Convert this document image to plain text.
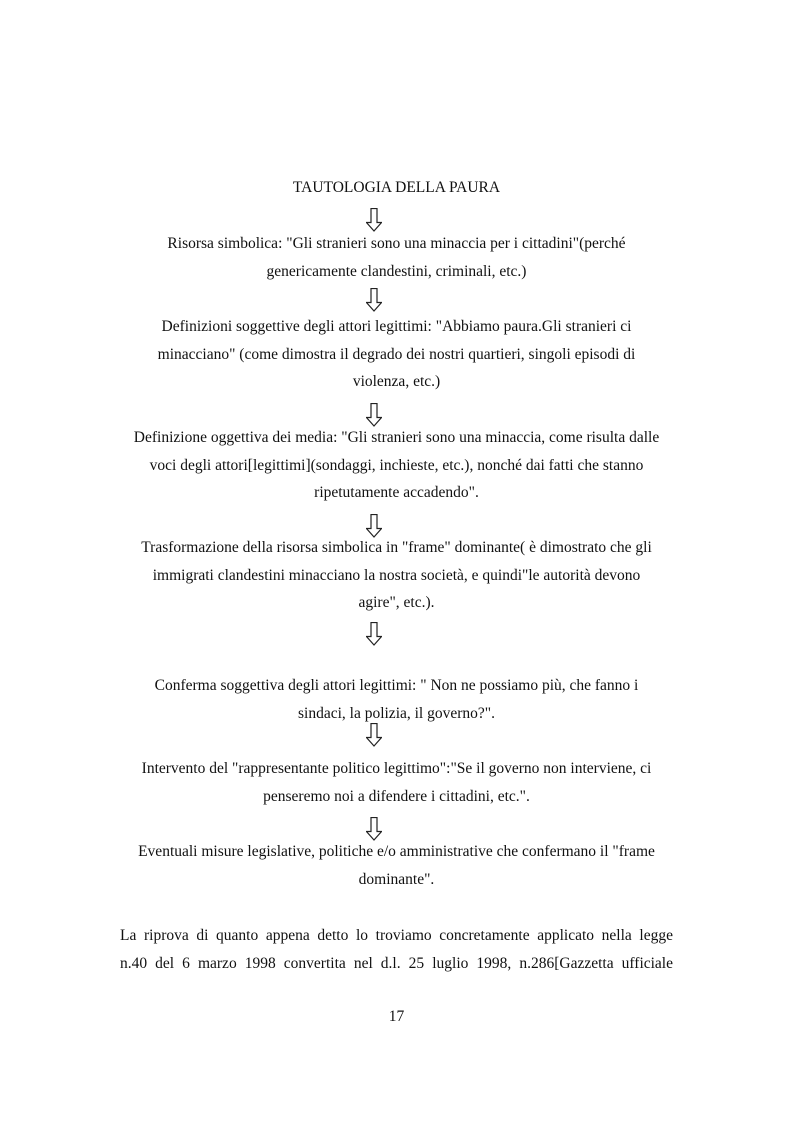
TAUTOLOGIA DELLA PAURA
Risorsa simbolica: "Gli stranieri sono una minaccia per i cittadini"(perché
genericamente clandestini, criminali, etc.)
Definizioni soggettive degli attori legittimi: "Abbiamo paura.Gli stranieri ci
minacciano" (come dimostra il degrado dei nostri quartieri, singoli episodi di
violenza, etc.)
Definizione oggettiva dei media: "Gli stranieri sono una minaccia, come risulta dalle
voci degli attori[legittimi](sondaggi, inchieste, etc.), nonché dai fatti che stanno
ripetutamente accadendo".
Trasformazione della risorsa simbolica in "frame" dominante( è dimostrato che gli
immigrati clandestini minacciano la nostra società, e quindi"le autorità devono
agire", etc.).
Conferma soggettiva degli attori legittimi: " Non ne possiamo più, che fanno i
sindaci, la polizia, il governo?".
Intervento del "rappresentante politico legittimo":"Se il governo non interviene, ci
penseremo noi a difendere i cittadini, etc.".
Eventuali misure legislative, politiche e/o amministrative che confermano il "frame
dominante".
La riprova di quanto appena detto lo troviamo concretamente applicato nella legge
n.40 del 6 marzo 1998 convertita nel d.l. 25 luglio 1998, n.286[Gazzetta ufficiale
17
